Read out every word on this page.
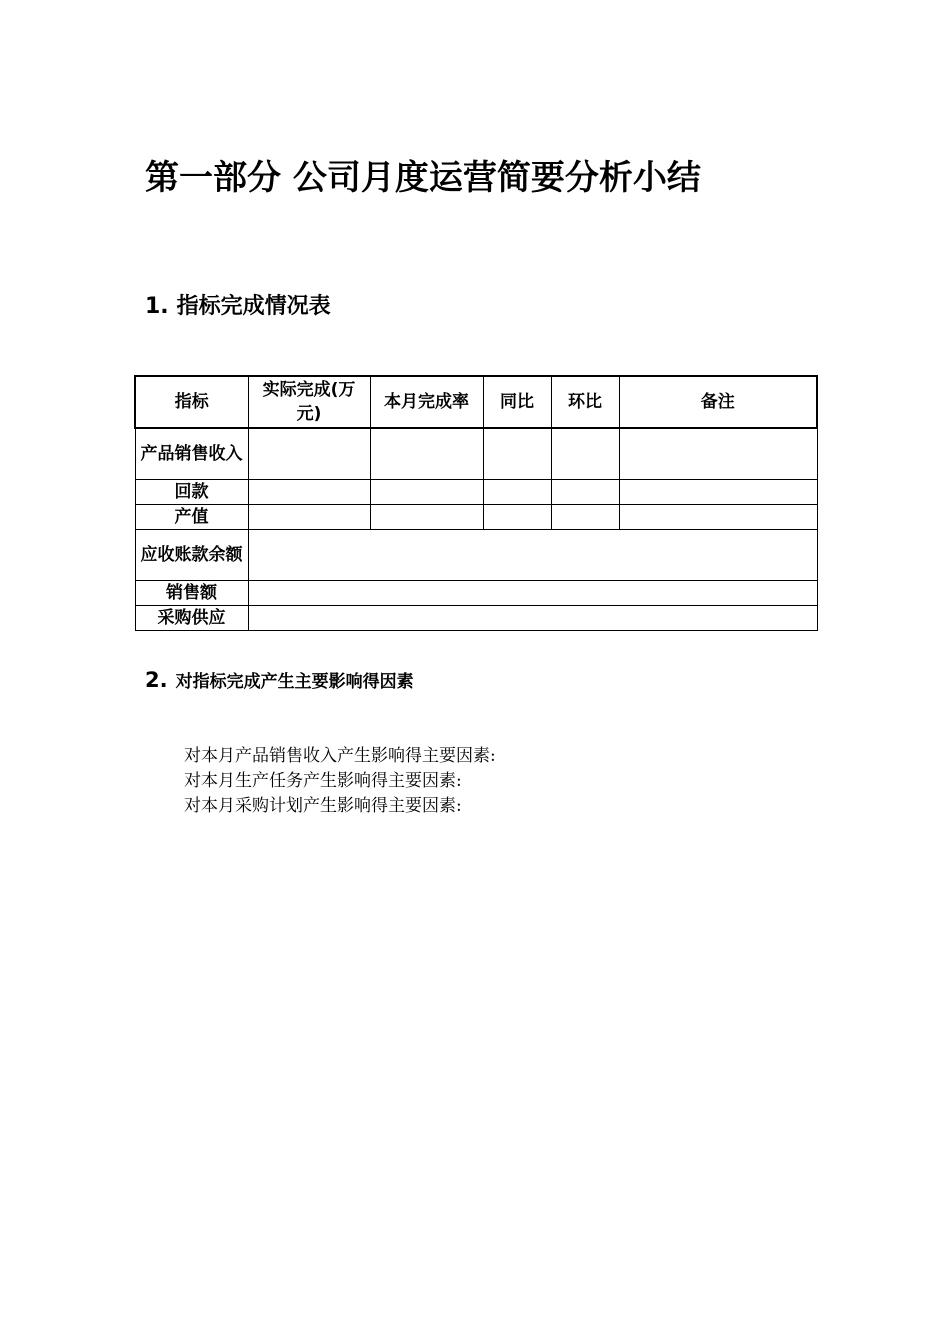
第一部分 公司月度运营简要分析小结
1. 指标完成情况表
指标	实际完成(万元)	本月完成率	同比	环比	备注
产品销售收入					
回款					
产值					
应收账款余额					
销售额					
采购供应					
2. 对指标完成产生主要影响得因素

对本月产品销售收入产生影响得主要因素:

对本月生产任务产生影响得主要因素:

对本月采购计划产生影响得主要因素:
